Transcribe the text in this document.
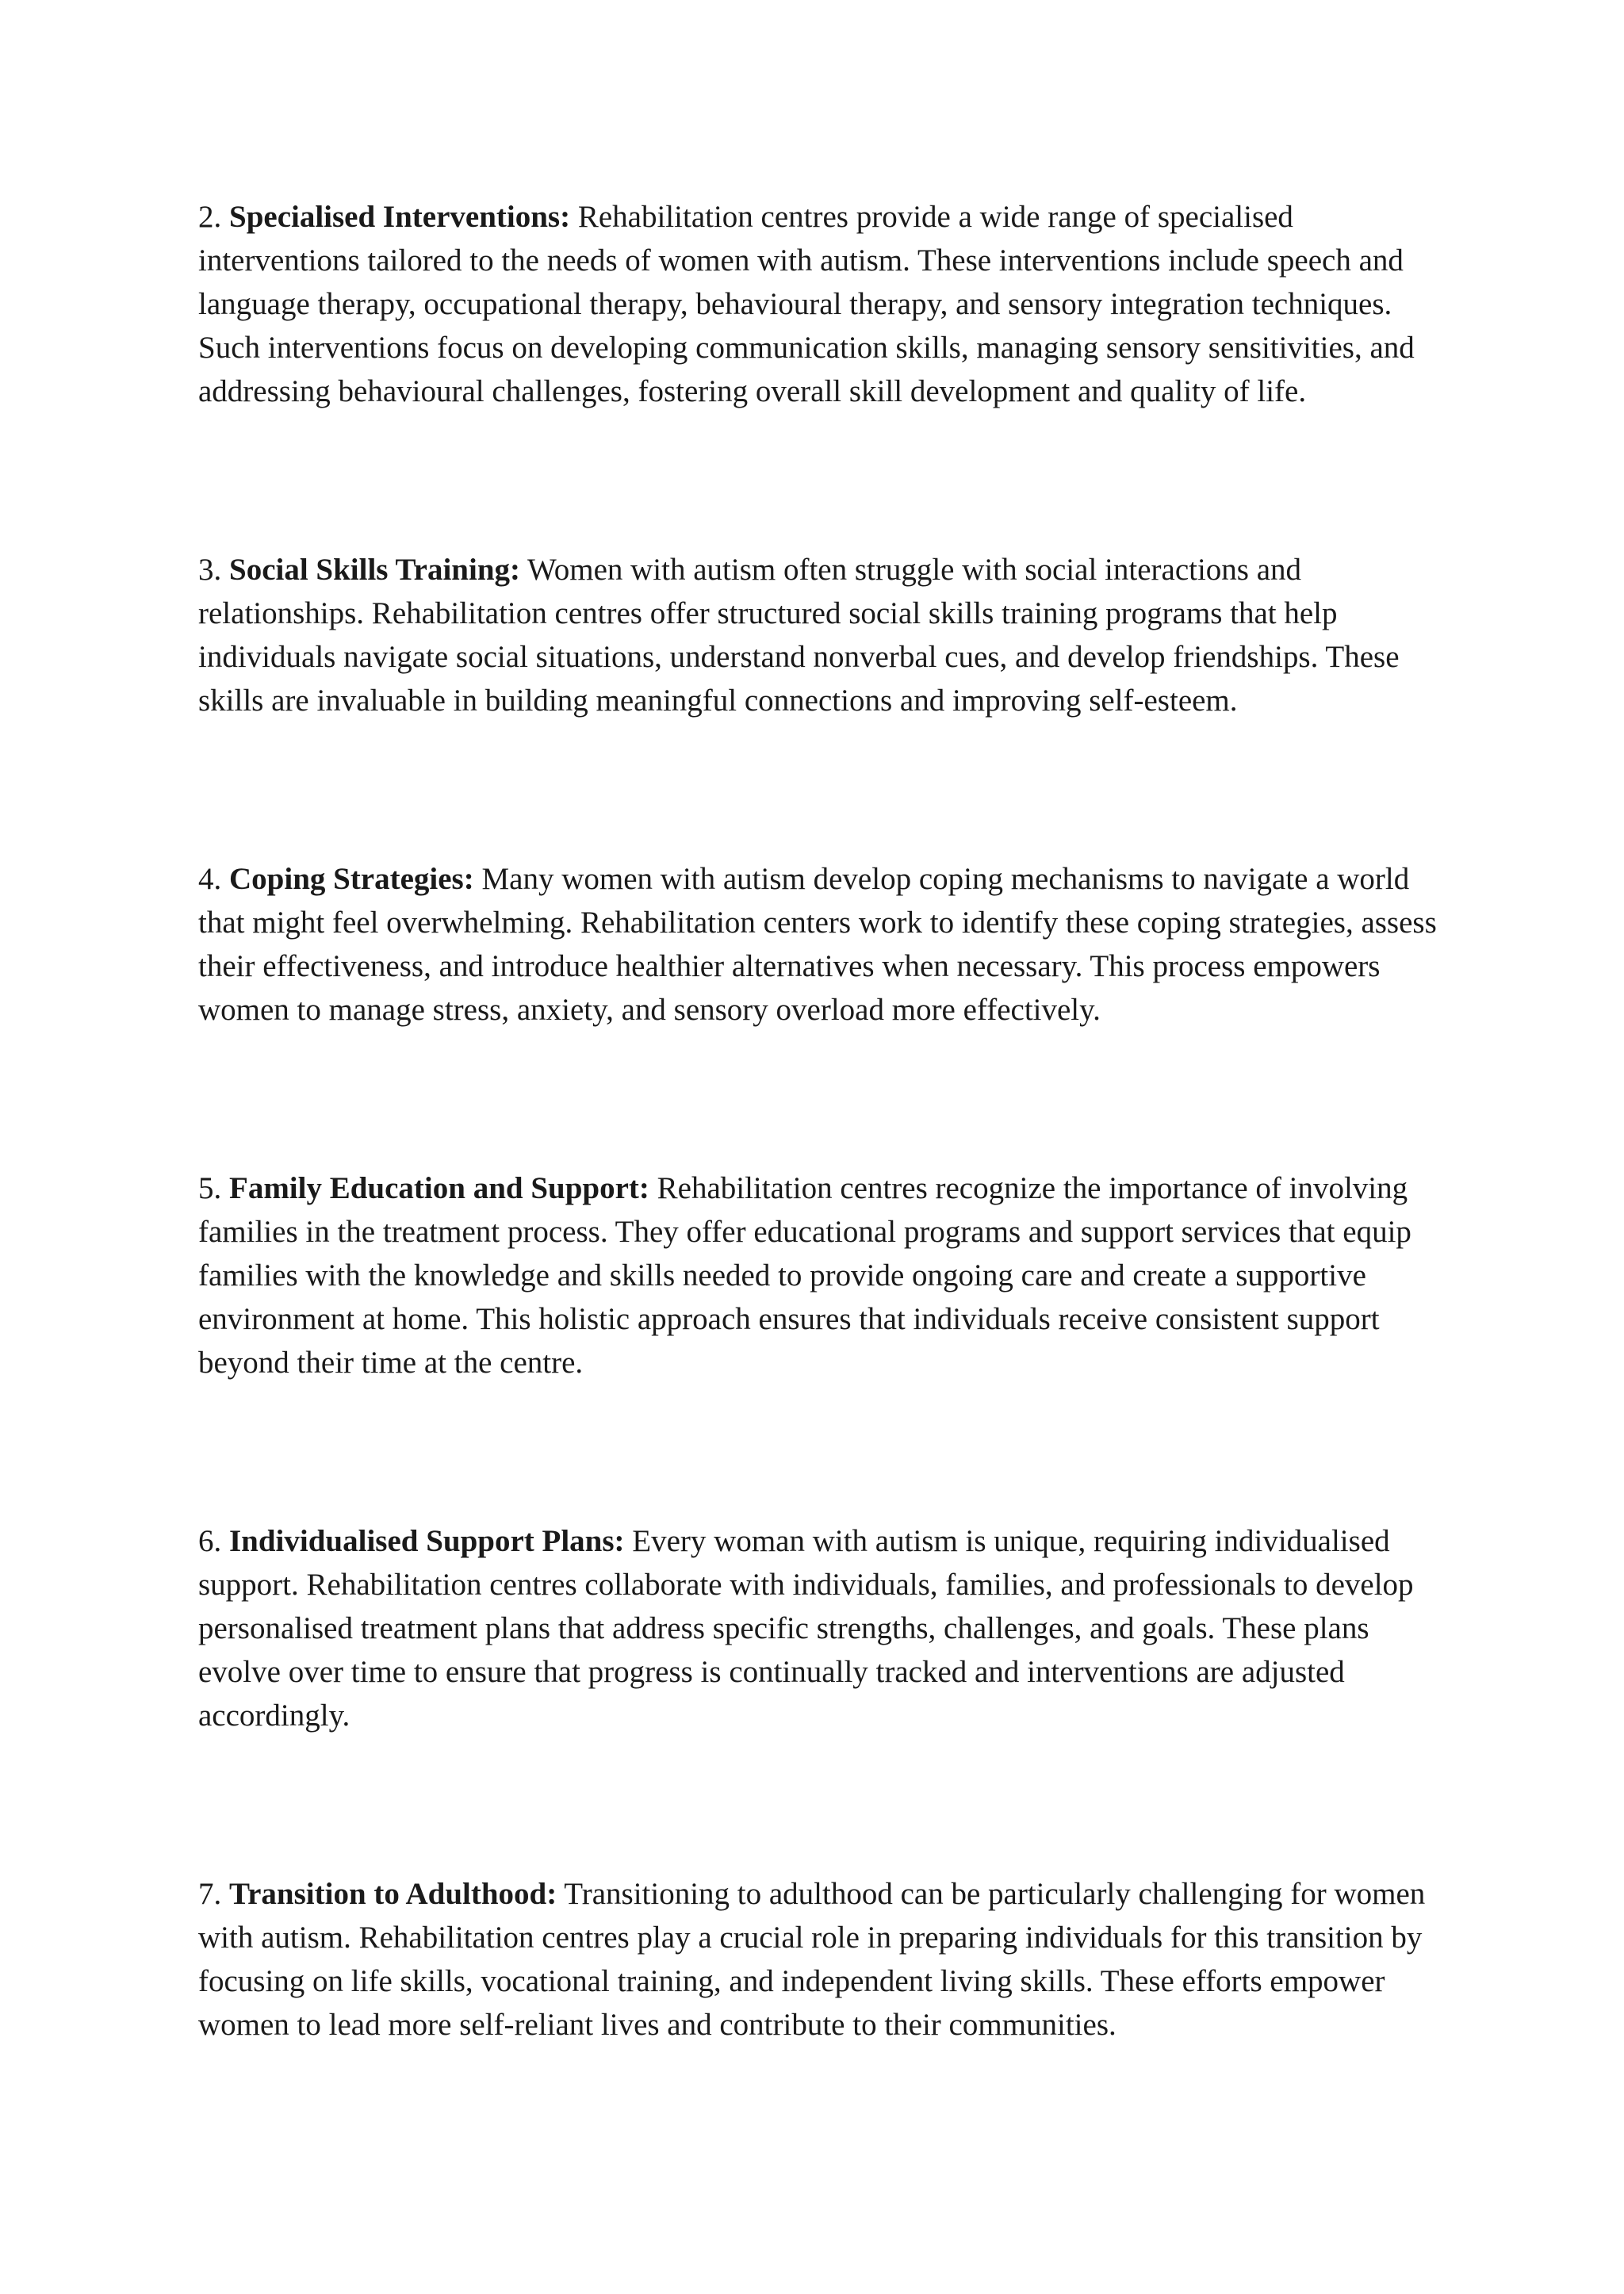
2. Specialised Interventions: Rehabilitation centres provide a wide range of specialised interventions tailored to the needs of women with autism. These interventions include speech and language therapy, occupational therapy, behavioural therapy, and sensory integration techniques. Such interventions focus on developing communication skills, managing sensory sensitivities, and addressing behavioural challenges, fostering overall skill development and quality of life.

3. Social Skills Training: Women with autism often struggle with social interactions and relationships. Rehabilitation centres offer structured social skills training programs that help individuals navigate social situations, understand nonverbal cues, and develop friendships. These skills are invaluable in building meaningful connections and improving self-esteem.

4. Coping Strategies: Many women with autism develop coping mechanisms to navigate a world that might feel overwhelming. Rehabilitation centers work to identify these coping strategies, assess their effectiveness, and introduce healthier alternatives when necessary. This process empowers women to manage stress, anxiety, and sensory overload more effectively.

5. Family Education and Support: Rehabilitation centres recognize the importance of involving families in the treatment process. They offer educational programs and support services that equip families with the knowledge and skills needed to provide ongoing care and create a supportive environment at home. This holistic approach ensures that individuals receive consistent support beyond their time at the centre.

6. Individualised Support Plans: Every woman with autism is unique, requiring individualised support. Rehabilitation centres collaborate with individuals, families, and professionals to develop personalised treatment plans that address specific strengths, challenges, and goals. These plans evolve over time to ensure that progress is continually tracked and interventions are adjusted accordingly.

7. Transition to Adulthood: Transitioning to adulthood can be particularly challenging for women with autism. Rehabilitation centres play a crucial role in preparing individuals for this transition by focusing on life skills, vocational training, and independent living skills. These efforts empower women to lead more self-reliant lives and contribute to their communities.
